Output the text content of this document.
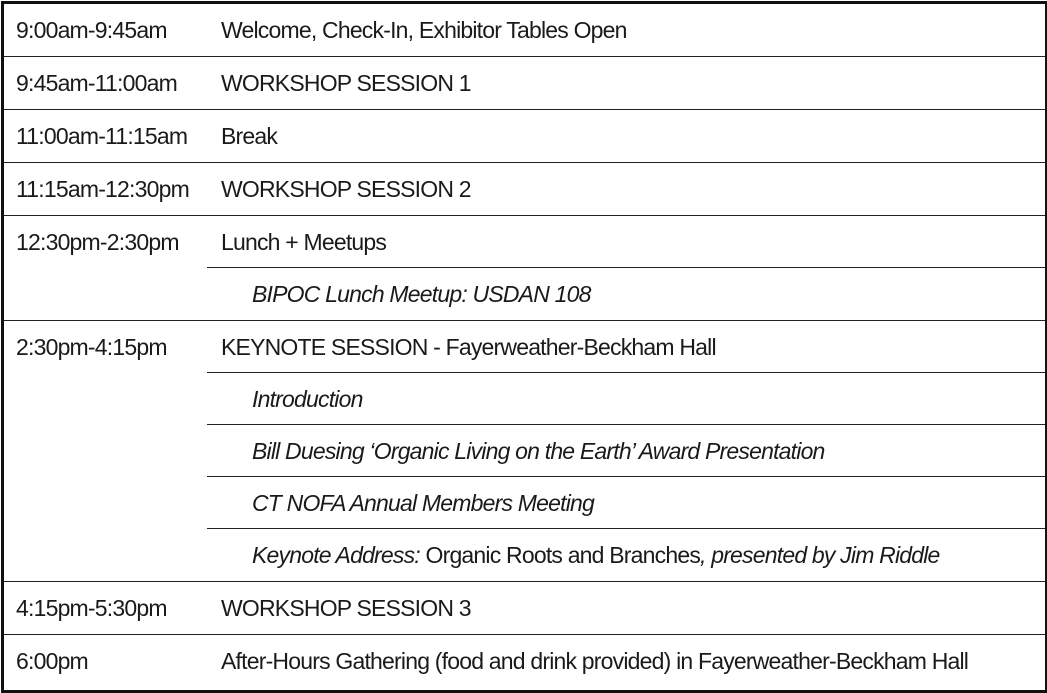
9:00am-9:45am	Welcome, Check-In, Exhibitor Tables Open
9:45am-11:00am	WORKSHOP SESSION 1
11:00am-11:15am	Break
11:15am-12:30pm	WORKSHOP SESSION 2
12:30pm-2:30pm	Lunch + Meetups
BIPOC Lunch Meetup: USDAN 108
2:30pm-4:15pm	KEYNOTE SESSION - Fayerweather-Beckham Hall
Introduction
Bill Duesing ‘Organic Living on the Earth’ Award Presentation
CT NOFA Annual Members Meeting
Keynote Address: Organic Roots and Branches, presented by Jim Riddle
4:15pm-5:30pm	WORKSHOP SESSION 3
6:00pm	After-Hours Gathering (food and drink provided) in Fayerweather-Beckham Hall
